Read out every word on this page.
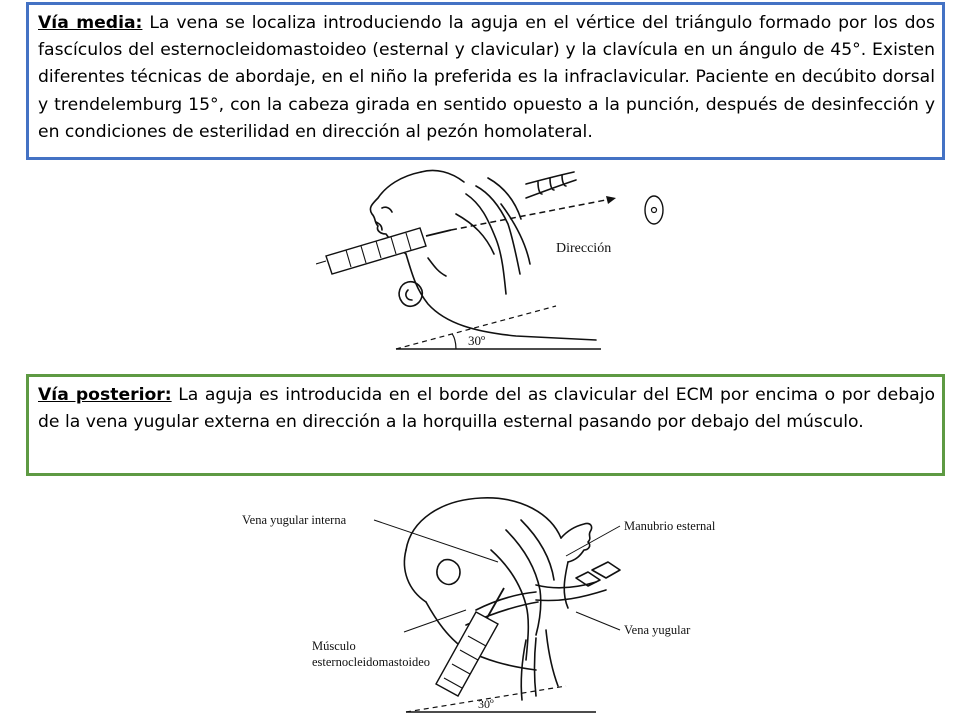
Vía media: La vena se localiza introduciendo la aguja en el vértice del triángulo formado por los dos fascículos del esternocleidomastoideo (esternal y clavicular) y la clavícula en un ángulo de 45°. Existen diferentes técnicas de abordaje, en el niño la preferida es la infraclavicular. Paciente en decúbito dorsal y trendelemburg 15°, con la cabeza girada en sentido opuesto a la punción, después de desinfección y en condiciones de esterilidad en dirección al pezón homolateral.
30º
Dirección
Vía posterior: La aguja es introducida en el borde del as clavicular del ECM por encima o por debajo de la vena yugular externa en dirección a la horquilla esternal pasando por debajo del músculo.
30º
Vena yugular interna	Manubrio esternal
Vena yugular
Músculo
esternocleidomastoideo
